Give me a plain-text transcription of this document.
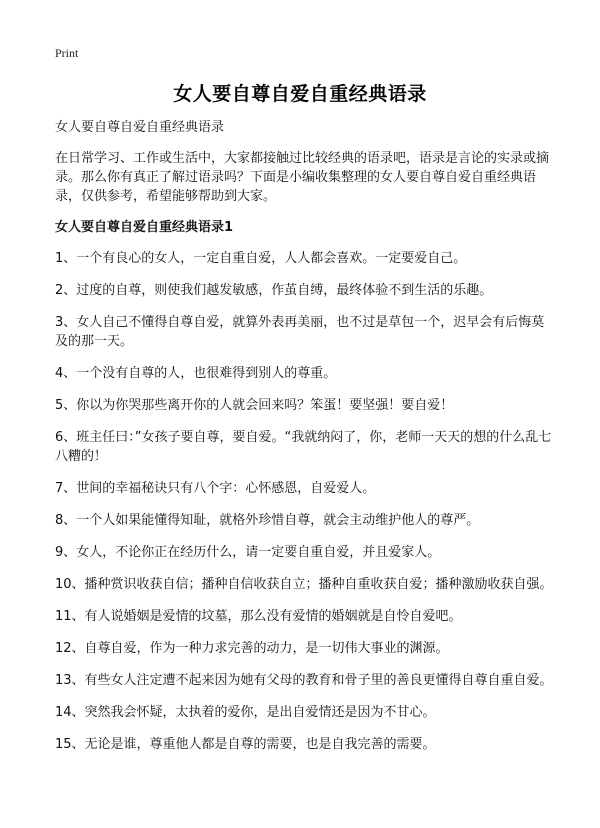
Print
女人要自尊自爱自重经典语录

女人要自尊自爱自重经典语录

在日常学习、工作或生活中，大家都接触过比较经典的语录吧，语录是言论的实录或摘录。那么你有真正了解过语录吗？下面是小编收集整理的女人要自尊自爱自重经典语录，仅供参考，希望能够帮助到大家。

女人要自尊自爱自重经典语录1

1、一个有良心的女人，一定自重自爱，人人都会喜欢。一定要爱自己。

2、过度的自尊，则使我们越发敏感，作茧自缚，最终体验不到生活的乐趣。

3、女人自己不懂得自尊自爱，就算外表再美丽，也不过是草包一个，迟早会有后悔莫及的那一天。

4、一个没有自尊的人，也很难得到别人的尊重。

5、你以为你哭那些离开你的人就会回来吗？笨蛋！要坚强！要自爱！

6、班主任曰：”女孩子要自尊，要自爱。“我就纳闷了，你，老师一天天的想的什么乱七八糟的！

7、世间的幸福秘诀只有八个字：心怀感恩，自爱爱人。

8、一个人如果能懂得知耻，就格外珍惜自尊，就会主动维护他人的尊严。

9、女人，不论你正在经历什么，请一定要自重自爱，并且爱家人。

10、播种赏识收获自信；播种自信收获自立；播种自重收获自爱；播种激励收获自强。

11、有人说婚姻是爱情的坟墓，那么没有爱情的婚姻就是自怜自爱吧。

12、自尊自爱，作为一种力求完善的动力，是一切伟大事业的渊源。

13、有些女人注定遭不起来因为她有父母的教育和骨子里的善良更懂得自尊自重自爱。

14、突然我会怀疑，太执着的爱你，是出自爱情还是因为不甘心。

15、无论是谁，尊重他人都是自尊的需要，也是自我完善的需要。
